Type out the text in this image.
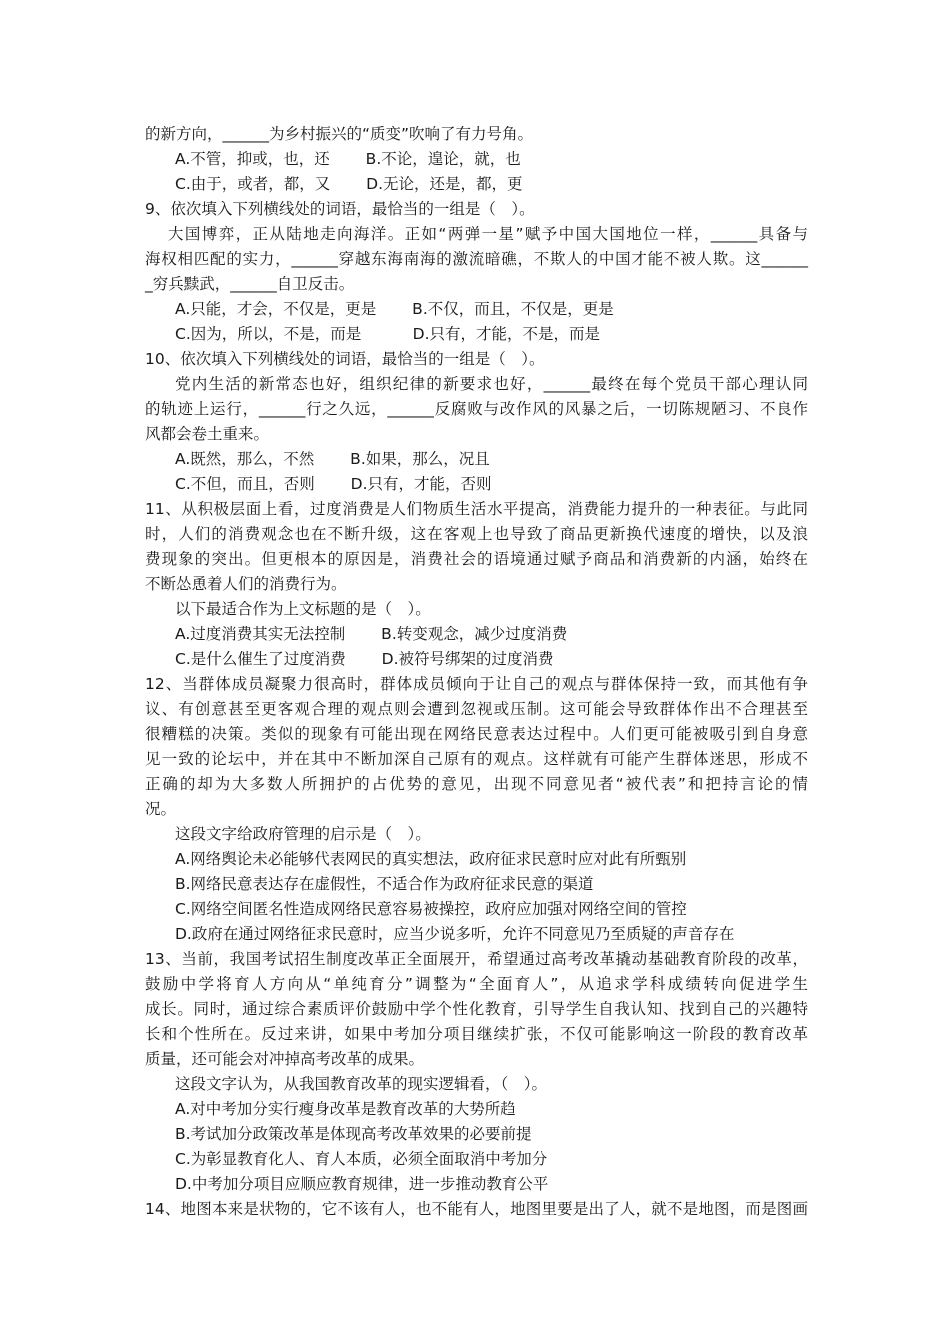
的新方向，______为乡村振兴的“质变”吹响了有力号角。
A.不管，抑或，也，还　　 B.不论，遑论，就，也
C.由于，或者，都，又　　 D.无论，还是，都，更
9、依次填入下列横线处的词语，最恰当的一组是（　）。
大国博弈，正从陆地走向海洋。正如“两弹一星”赋予中国大国地位一样，______具备与
海权相匹配的实力，______穿越东海南海的激流暗礁，不欺人的中国才能不被人欺。这______
_穷兵黩武，______自卫反击。
A.只能，才会，不仅是，更是　　 B.不仅，而且，不仅是，更是
C.因为，所以，不是，而是　　　 D.只有，才能，不是，而是
10、依次填入下列横线处的词语，最恰当的一组是（　）。
党内生活的新常态也好，组织纪律的新要求也好，______最终在每个党员干部心理认同
的轨迹上运行，______行之久远，______反腐败与改作风的风暴之后，一切陈规陋习、不良作
风都会卷土重来。
A.既然，那么，不然　　 B.如果，那么，况且
C.不但，而且，否则　　 D.只有，才能，否则
11、从积极层面上看，过度消费是人们物质生活水平提高，消费能力提升的一种表征。与此同
时，人们的消费观念也在不断升级，这在客观上也导致了商品更新换代速度的增快，以及浪
费现象的突出。但更根本的原因是，消费社会的语境通过赋予商品和消费新的内涵，始终在
不断怂恿着人们的消费行为。
以下最适合作为上文标题的是（　）。
A.过度消费其实无法控制　　 B.转变观念，减少过度消费
C.是什么催生了过度消费　　 D.被符号绑架的过度消费
12、当群体成员凝聚力很高时，群体成员倾向于让自己的观点与群体保持一致，而其他有争
议、有创意甚至更客观合理的观点则会遭到忽视或压制。这可能会导致群体作出不合理甚至
很糟糕的决策。类似的现象有可能出现在网络民意表达过程中。人们更可能被吸引到自身意
见一致的论坛中，并在其中不断加深自己原有的观点。这样就有可能产生群体迷思，形成不
正确的却为大多数人所拥护的占优势的意见，出现不同意见者“被代表”和把持言论的情
况。
这段文字给政府管理的启示是（　）。
A.网络舆论未必能够代表网民的真实想法，政府征求民意时应对此有所甄别
B.网络民意表达存在虚假性，不适合作为政府征求民意的渠道
C.网络空间匿名性造成网络民意容易被操控，政府应加强对网络空间的管控
D.政府在通过网络征求民意时，应当少说多听，允许不同意见乃至质疑的声音存在
13、当前，我国考试招生制度改革正全面展开，希望通过高考改革撬动基础教育阶段的改革，
鼓励中学将育人方向从“单纯育分”调整为“全面育人”，从追求学科成绩转向促进学生
成长。同时，通过综合素质评价鼓励中学个性化教育，引导学生自我认知、找到自己的兴趣特
长和个性所在。反过来讲，如果中考加分项目继续扩张，不仅可能影响这一阶段的教育改革
质量，还可能会对冲掉高考改革的成果。
这段文字认为，从我国教育改革的现实逻辑看，（　）。
A.对中考加分实行瘦身改革是教育改革的大势所趋
B.考试加分政策改革是体现高考改革效果的必要前提
C.为彰显教育化人、育人本质，必须全面取消中考加分
D.中考加分项目应顺应教育规律，进一步推动教育公平
14、地图本来是状物的，它不该有人，也不能有人，地图里要是出了人，就不是地图，而是图画
